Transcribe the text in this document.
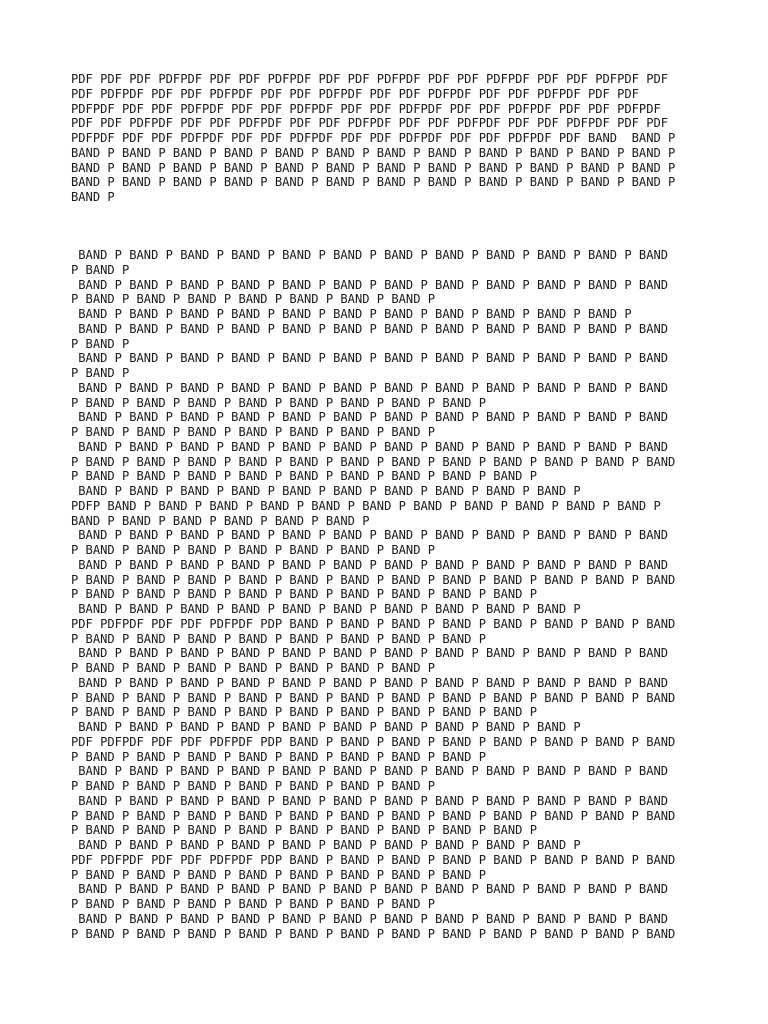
PDF PDF PDF PDFPDF PDF PDF PDFPDF PDF PDF PDFPDF PDF PDF PDFPDF PDF PDF PDFPDF PDF
PDF PDFPDF PDF PDF PDFPDF PDF PDF PDFPDF PDF PDF PDFPDF PDF PDF PDFPDF PDF PDF
PDFPDF PDF PDF PDFPDF PDF PDF PDFPDF PDF PDF PDFPDF PDF PDF PDFPDF PDF PDF PDFPDF
PDF PDF PDFPDF PDF PDF PDFPDF PDF PDF PDFPDF PDF PDF PDFPDF PDF PDF PDFPDF PDF PDF
PDFPDF PDF PDF PDFPDF PDF PDF PDFPDF PDF PDF PDFPDF PDF PDF PDFPDF PDF BAND  BAND P
BAND P BAND P BAND P BAND P BAND P BAND P BAND P BAND P BAND P BAND P BAND P BAND P
BAND P BAND P BAND P BAND P BAND P BAND P BAND P BAND P BAND P BAND P BAND P BAND P
BAND P BAND P BAND P BAND P BAND P BAND P BAND P BAND P BAND P BAND P BAND P BAND P
BAND P
BAND P BAND P BAND P BAND P BAND P BAND P BAND P BAND P BAND P BAND P BAND P BAND
P BAND P
BAND P BAND P BAND P BAND P BAND P BAND P BAND P BAND P BAND P BAND P BAND P BAND
P BAND P BAND P BAND P BAND P BAND P BAND P BAND P
BAND P BAND P BAND P BAND P BAND P BAND P BAND P BAND P BAND P BAND P BAND P
BAND P BAND P BAND P BAND P BAND P BAND P BAND P BAND P BAND P BAND P BAND P BAND
P BAND P
BAND P BAND P BAND P BAND P BAND P BAND P BAND P BAND P BAND P BAND P BAND P BAND
P BAND P
BAND P BAND P BAND P BAND P BAND P BAND P BAND P BAND P BAND P BAND P BAND P BAND
P BAND P BAND P BAND P BAND P BAND P BAND P BAND P BAND P
BAND P BAND P BAND P BAND P BAND P BAND P BAND P BAND P BAND P BAND P BAND P BAND
P BAND P BAND P BAND P BAND P BAND P BAND P BAND P
BAND P BAND P BAND P BAND P BAND P BAND P BAND P BAND P BAND P BAND P BAND P BAND
P BAND P BAND P BAND P BAND P BAND P BAND P BAND P BAND P BAND P BAND P BAND P BAND
P BAND P BAND P BAND P BAND P BAND P BAND P BAND P BAND P BAND P
BAND P BAND P BAND P BAND P BAND P BAND P BAND P BAND P BAND P BAND P
PDFP BAND P BAND P BAND P BAND P BAND P BAND P BAND P BAND P BAND P BAND P BAND P
BAND P BAND P BAND P BAND P BAND P BAND P
BAND P BAND P BAND P BAND P BAND P BAND P BAND P BAND P BAND P BAND P BAND P BAND
P BAND P BAND P BAND P BAND P BAND P BAND P BAND P
BAND P BAND P BAND P BAND P BAND P BAND P BAND P BAND P BAND P BAND P BAND P BAND
P BAND P BAND P BAND P BAND P BAND P BAND P BAND P BAND P BAND P BAND P BAND P BAND
P BAND P BAND P BAND P BAND P BAND P BAND P BAND P BAND P BAND P
BAND P BAND P BAND P BAND P BAND P BAND P BAND P BAND P BAND P BAND P
PDF PDFPDF PDF PDF PDFPDF PDP BAND P BAND P BAND P BAND P BAND P BAND P BAND P BAND
P BAND P BAND P BAND P BAND P BAND P BAND P BAND P BAND P
BAND P BAND P BAND P BAND P BAND P BAND P BAND P BAND P BAND P BAND P BAND P BAND
P BAND P BAND P BAND P BAND P BAND P BAND P BAND P
BAND P BAND P BAND P BAND P BAND P BAND P BAND P BAND P BAND P BAND P BAND P BAND
P BAND P BAND P BAND P BAND P BAND P BAND P BAND P BAND P BAND P BAND P BAND P BAND
P BAND P BAND P BAND P BAND P BAND P BAND P BAND P BAND P BAND P
BAND P BAND P BAND P BAND P BAND P BAND P BAND P BAND P BAND P BAND P
PDF PDFPDF PDF PDF PDFPDF PDP BAND P BAND P BAND P BAND P BAND P BAND P BAND P BAND
P BAND P BAND P BAND P BAND P BAND P BAND P BAND P BAND P
BAND P BAND P BAND P BAND P BAND P BAND P BAND P BAND P BAND P BAND P BAND P BAND
P BAND P BAND P BAND P BAND P BAND P BAND P BAND P
BAND P BAND P BAND P BAND P BAND P BAND P BAND P BAND P BAND P BAND P BAND P BAND
P BAND P BAND P BAND P BAND P BAND P BAND P BAND P BAND P BAND P BAND P BAND P BAND
P BAND P BAND P BAND P BAND P BAND P BAND P BAND P BAND P BAND P
BAND P BAND P BAND P BAND P BAND P BAND P BAND P BAND P BAND P BAND P
PDF PDFPDF PDF PDF PDFPDF PDP BAND P BAND P BAND P BAND P BAND P BAND P BAND P BAND
P BAND P BAND P BAND P BAND P BAND P BAND P BAND P BAND P
BAND P BAND P BAND P BAND P BAND P BAND P BAND P BAND P BAND P BAND P BAND P BAND
P BAND P BAND P BAND P BAND P BAND P BAND P BAND P
BAND P BAND P BAND P BAND P BAND P BAND P BAND P BAND P BAND P BAND P BAND P BAND
P BAND P BAND P BAND P BAND P BAND P BAND P BAND P BAND P BAND P BAND P BAND P BAND
